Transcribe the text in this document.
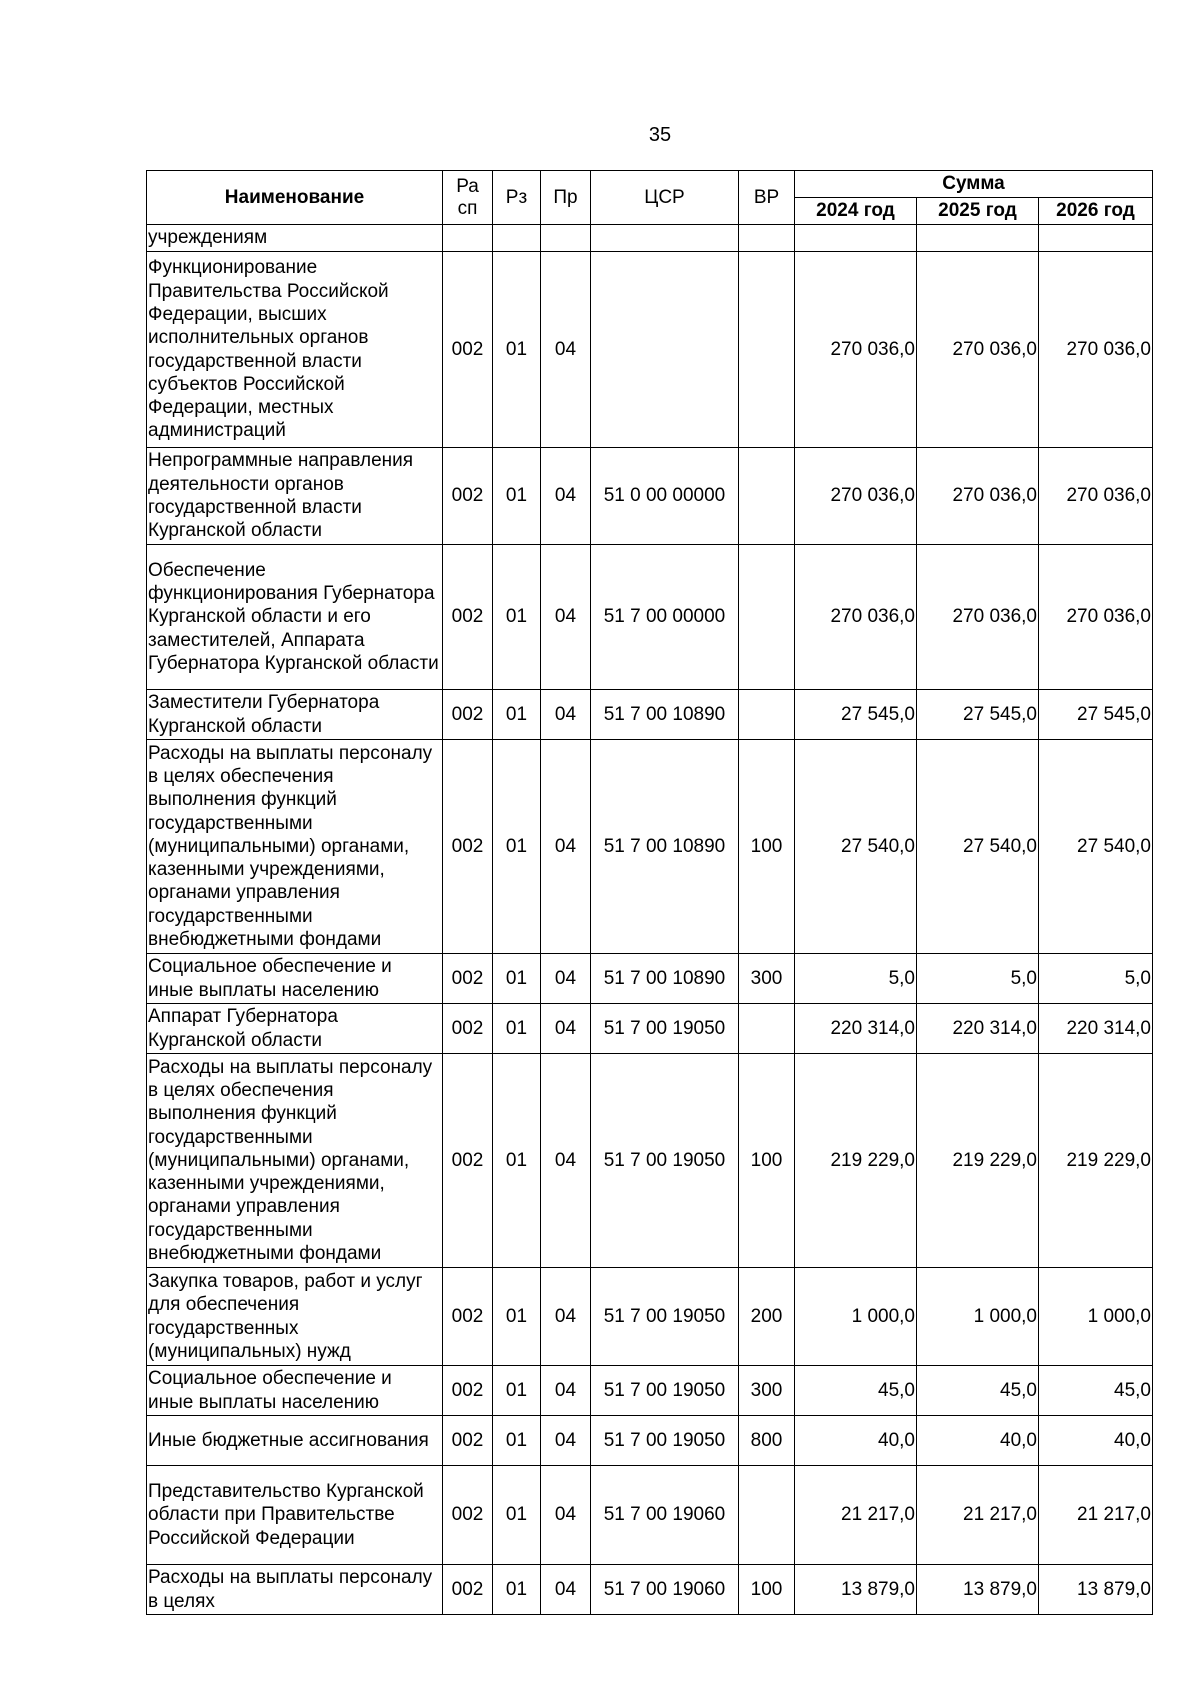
35
Наименование	Ра сп	Рз	Пр	ЦСР	ВР	Сумма		
						2024 год	2025 год	2026 год
учреждениям								
Функционирование Правительства Российской Федерации, высших исполнительных органов государственной власти субъектов Российской Федерации, местных администраций	002	01	04			270 036,0	270 036,0	270 036,0
Непрограммные направления деятельности органов государственной власти Курганской области	002	01	04	51 0 00 00000		270 036,0	270 036,0	270 036,0
Обеспечение функционирования Губернатора Курганской области и его заместителей, Аппарата Губернатора Курганской области	002	01	04	51 7 00 00000		270 036,0	270 036,0	270 036,0
Заместители Губернатора Курганской области	002	01	04	51 7 00 10890		27 545,0	27 545,0	27 545,0
Расходы на выплаты персоналу в целях обеспечения выполнения функций государственными (муниципальными) органами, казенными учреждениями, органами управления государственными внебюджетными фондами	002	01	04	51 7 00 10890	100	27 540,0	27 540,0	27 540,0
Социальное обеспечение и иные выплаты населению	002	01	04	51 7 00 10890	300	5,0	5,0	5,0
Аппарат Губернатора Курганской области	002	01	04	51 7 00 19050		220 314,0	220 314,0	220 314,0
Расходы на выплаты персоналу в целях обеспечения выполнения функций государственными (муниципальными) органами, казенными учреждениями, органами управления государственными внебюджетными фондами	002	01	04	51 7 00 19050	100	219 229,0	219 229,0	219 229,0
Закупка товаров, работ и услуг для обеспечения государственных (муниципальных) нужд	002	01	04	51 7 00 19050	200	1 000,0	1 000,0	1 000,0
Социальное обеспечение и иные выплаты населению	002	01	04	51 7 00 19050	300	45,0	45,0	45,0
Иные бюджетные ассигнования	002	01	04	51 7 00 19050	800	40,0	40,0	40,0
Представительство Курганской области при Правительстве Российской Федерации	002	01	04	51 7 00 19060		21 217,0	21 217,0	21 217,0
Расходы на выплаты персоналу в целях	002	01	04	51 7 00 19060	100	13 879,0	13 879,0	13 879,0
